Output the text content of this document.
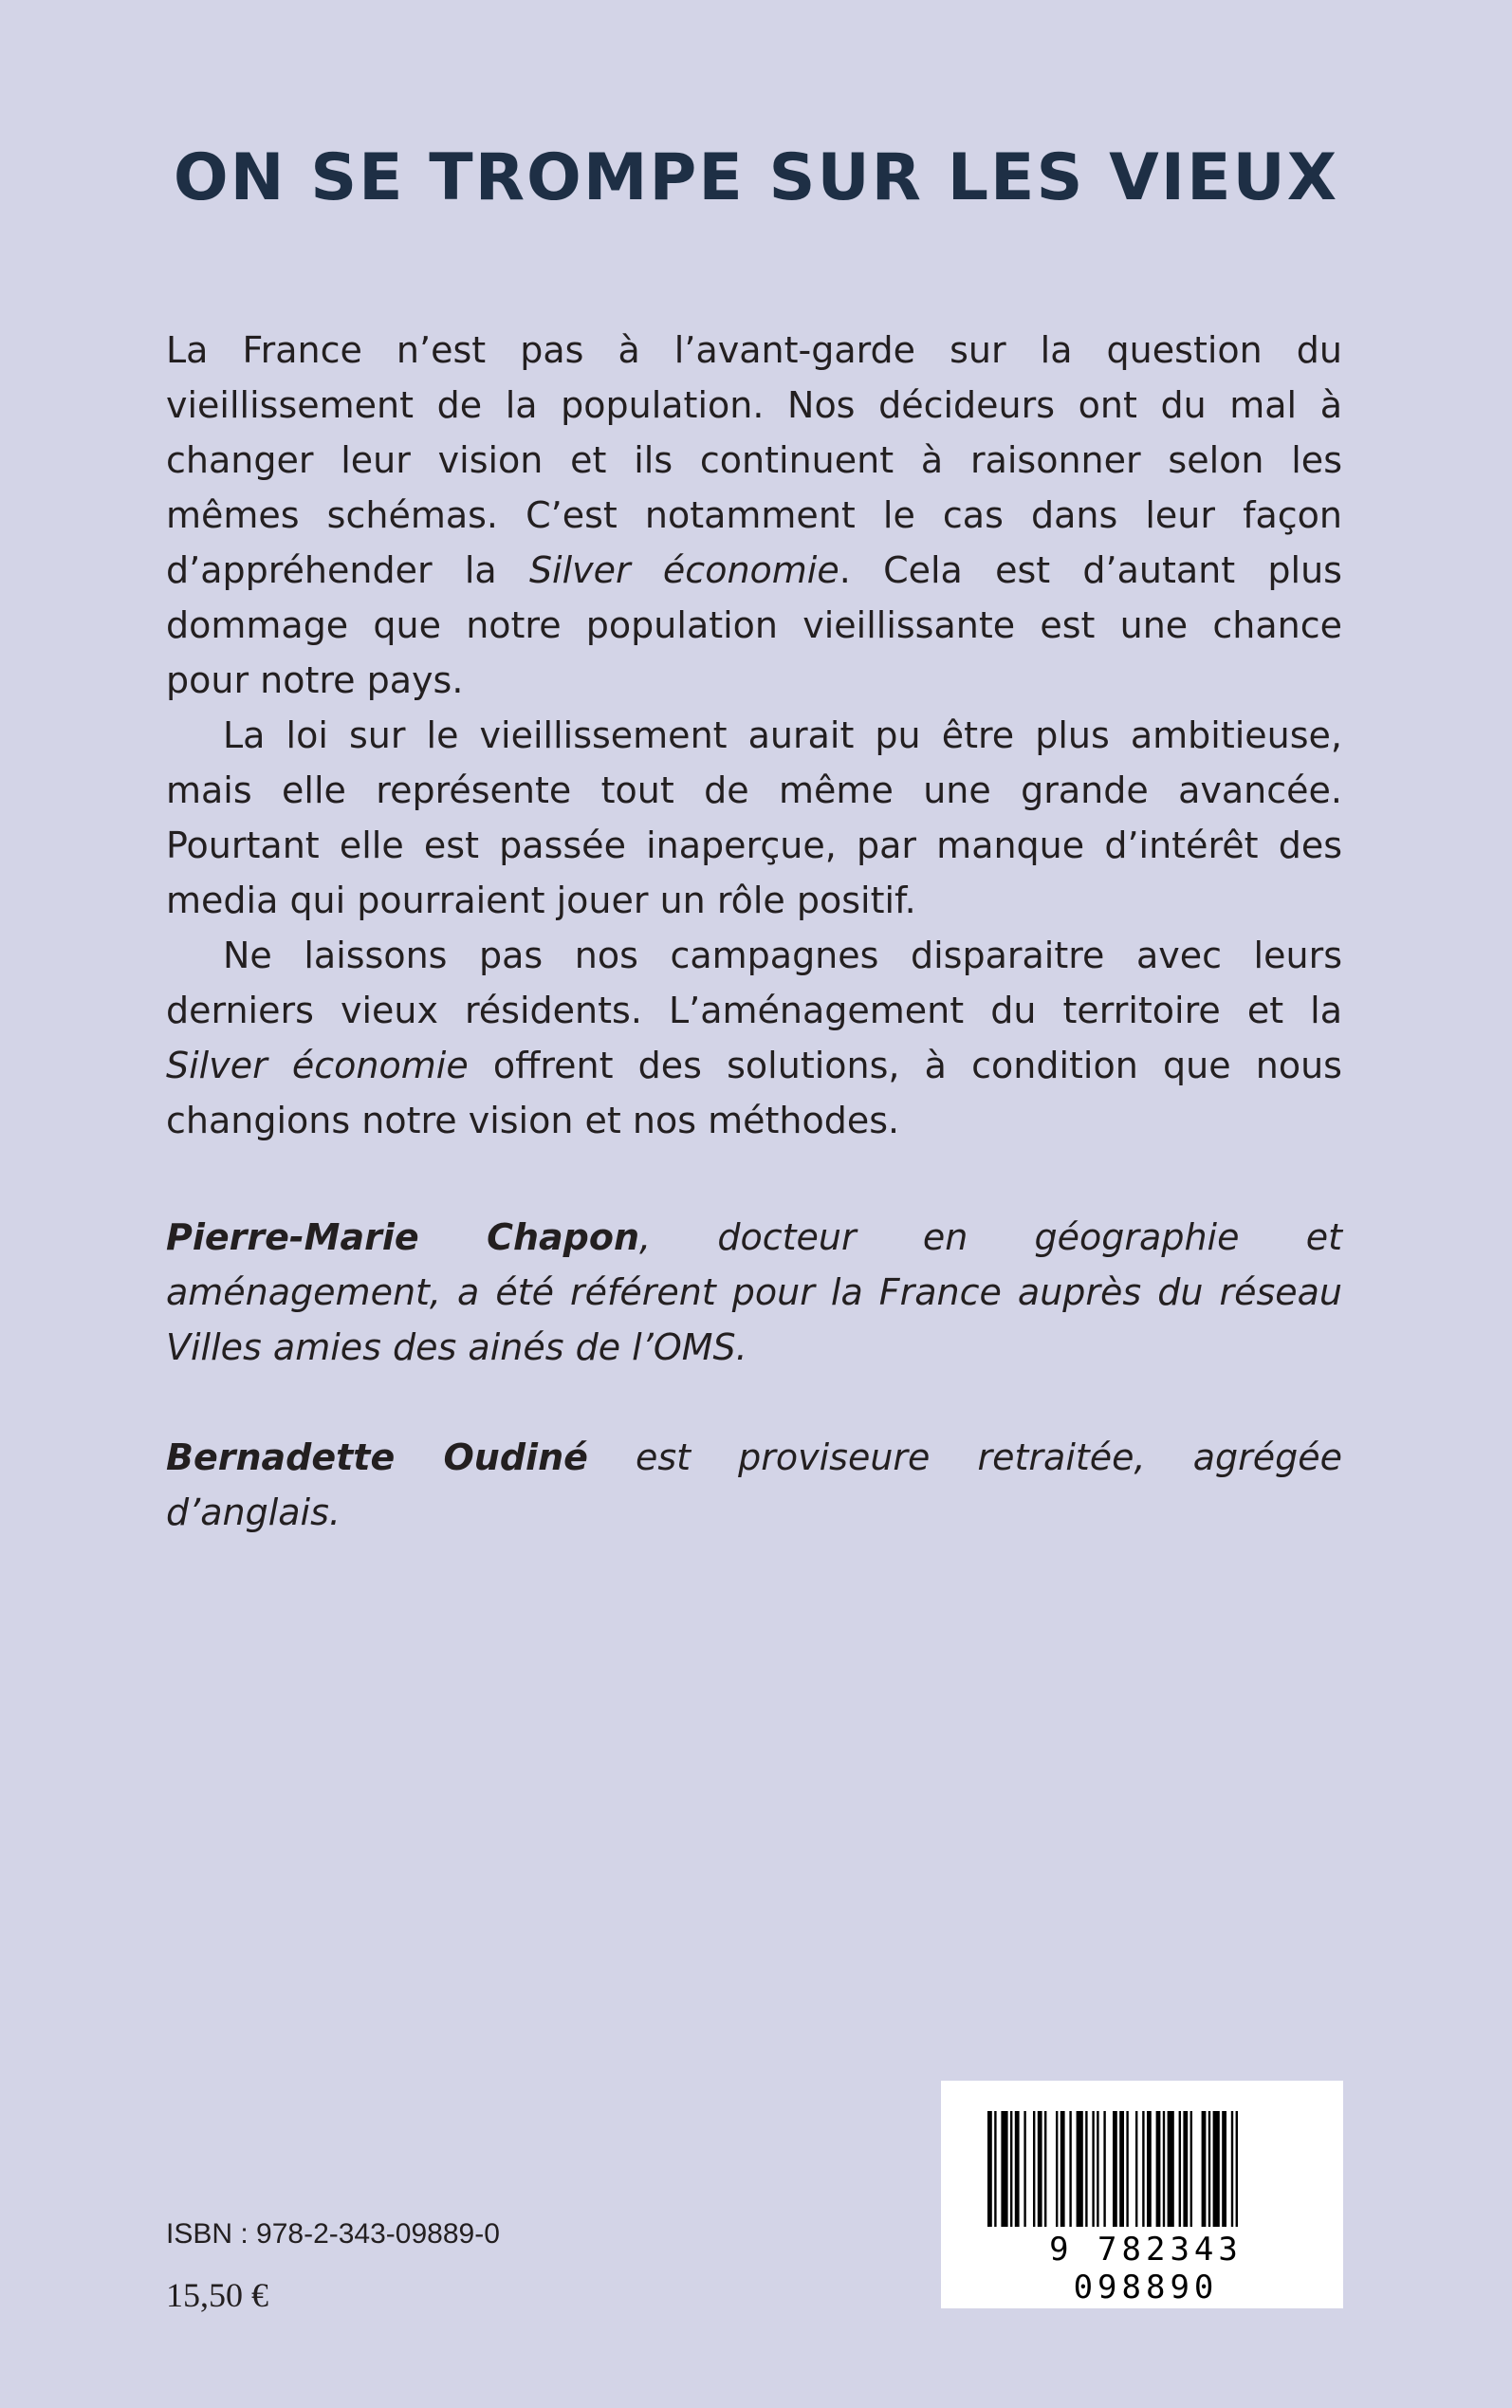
ON SE TROMPE SUR LES VIEUX

La France n’est pas à l’avant-garde sur la question du vieillissement de la population. Nos décideurs ont du mal à changer leur vision et ils continuent à raisonner selon les mêmes schémas. C’est notamment le cas dans leur façon d’appréhender la Silver économie. Cela est d’autant plus dommage que notre population vieillissante est une chance pour notre pays.

La loi sur le vieillissement aurait pu être plus ambitieuse, mais elle représente tout de même une grande avancée. Pourtant elle est passée inaperçue, par manque d’intérêt des media qui pourraient jouer un rôle positif.

Ne laissons pas nos campagnes disparaitre avec leurs derniers vieux résidents. L’aménagement du territoire et la Silver économie offrent des solutions, à condition que nous changions notre vision et nos méthodes.

Pierre-Marie Chapon, docteur en géographie et aménagement, a été référent pour la France auprès du réseau Villes amies des ainés de l’OMS.

Bernadette Oudiné est proviseure retraitée, agrégée d’anglais.

ISBN : 978-2-343-09889-0
15,50 €
9 782343 098890
